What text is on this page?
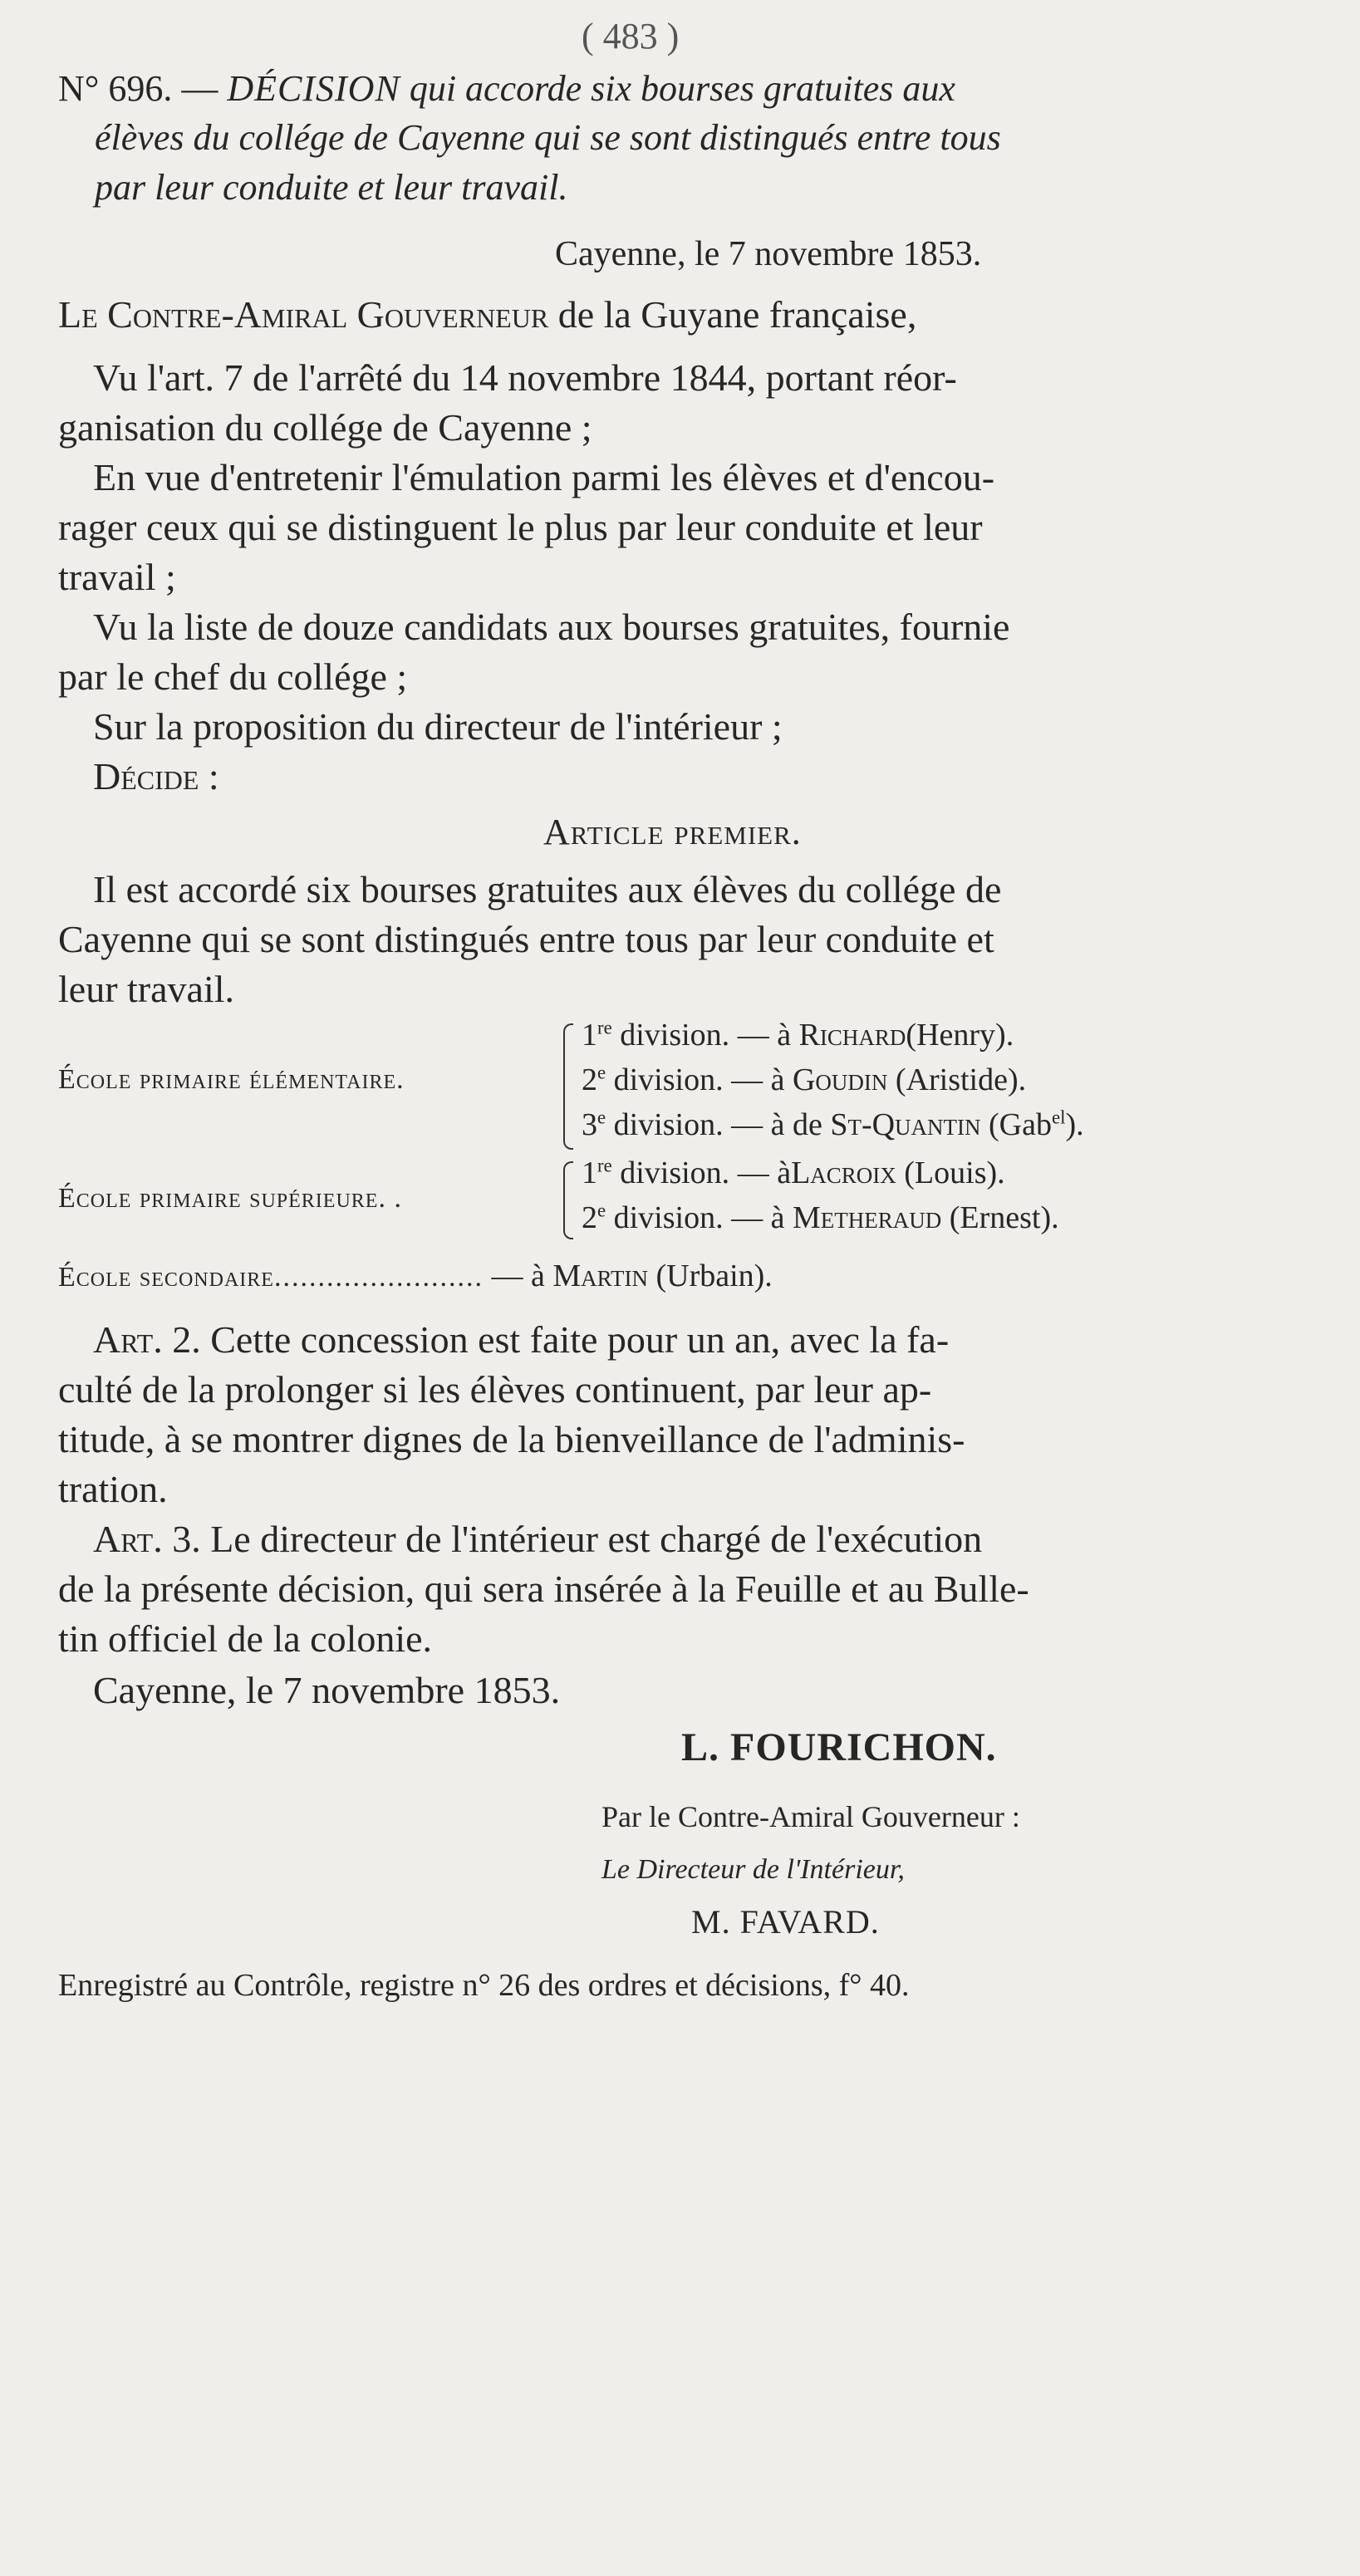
( 483 )
N° 696. — DÉCISION qui accorde six bourses gratuites aux
élèves du collége de Cayenne qui se sont distingués entre tous
par leur conduite et leur travail.
Cayenne, le 7 novembre 1853.
Le Contre-Amiral Gouverneur de la Guyane française,
Vu l'art. 7 de l'arrêté du 14 novembre 1844, portant réor-
ganisation du collége de Cayenne ;
En vue d'entretenir l'émulation parmi les élèves et d'encou-
rager ceux qui se distinguent le plus par leur conduite et leur
travail ;
Vu la liste de douze candidats aux bourses gratuites, fournie
par le chef du collége ;
Sur la proposition du directeur de l'intérieur ;
Décide :
Article premier.
Il est accordé six bourses gratuites aux élèves du collége de
Cayenne qui se sont distingués entre tous par leur conduite et
leur travail.
École primaire élémentaire.
1re division. — à Richard(Henry).
2e division. — à Goudin (Aristide).
3e division. — à de St-Quantin (Gab$^{el}$).
École primaire supérieure. .
1re division. — àLacroix (Louis).
2e division. — à Metheraud (Ernest).
École secondaire........................ — à Martin (Urbain).
Art. 2. Cette concession est faite pour un an, avec la fa-
culté de la prolonger si les élèves continuent, par leur ap-
titude, à se montrer dignes de la bienveillance de l'adminis-
tration.
Art. 3. Le directeur de l'intérieur est chargé de l'exécution
de la présente décision, qui sera insérée à la Feuille et au Bulle-
tin officiel de la colonie.
Cayenne, le 7 novembre 1853.
L. FOURICHON.
Par le Contre-Amiral Gouverneur :
Le Directeur de l'Intérieur,
M. FAVARD.
Enregistré au Contrôle, registre n° 26 des ordres et décisions, f° 40.
